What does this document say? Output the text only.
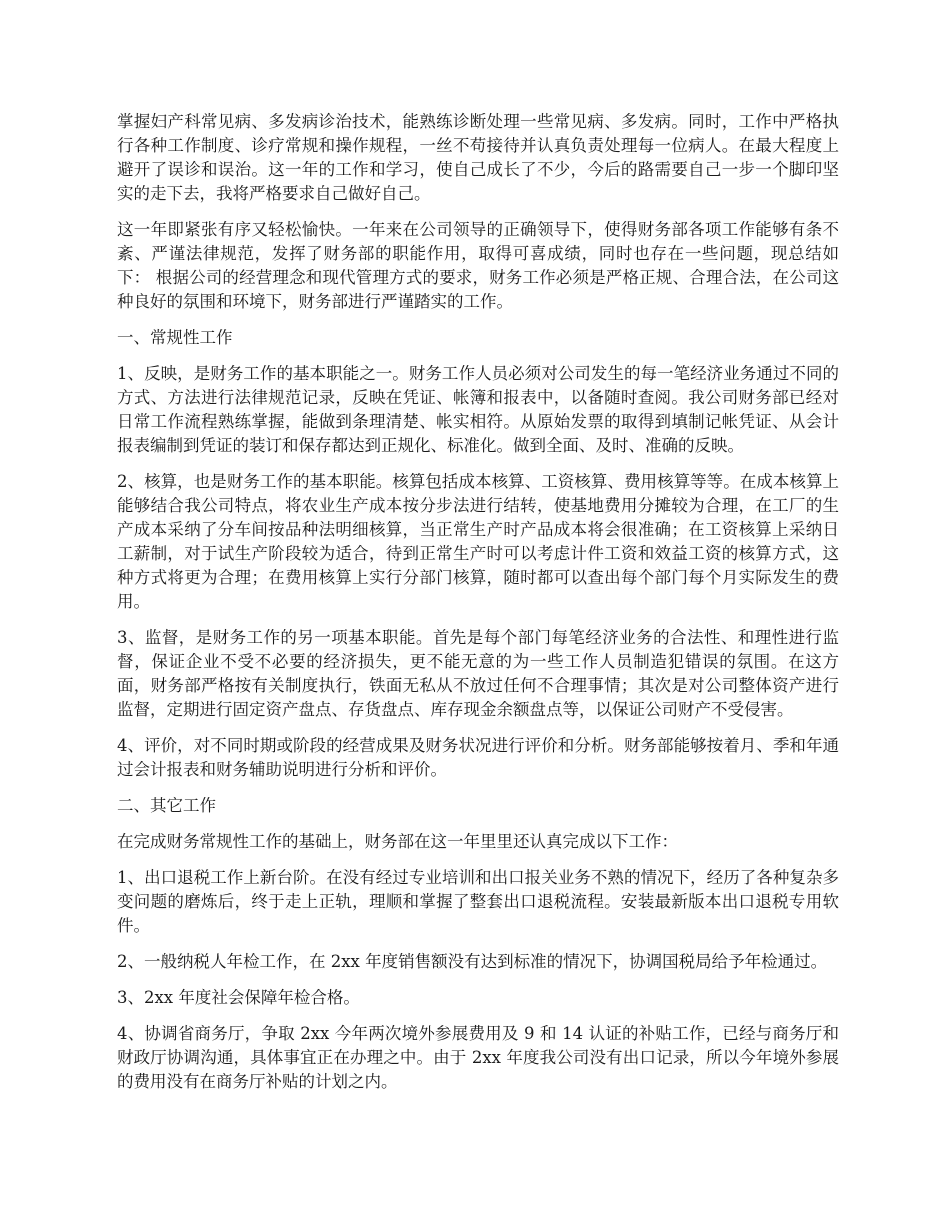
掌握妇产科常见病、多发病诊治技术，能熟练诊断处理一些常见病、多发病。同时，工作中严格执行各种工作制度、诊疗常规和操作规程，一丝不苟接待并认真负责处理每一位病人。在最大程度上避开了误诊和误治。这一年的工作和学习，使自己成长了不少，今后的路需要自己一步一个脚印坚实的走下去，我将严格要求自己做好自己。

这一年即紧张有序又轻松愉快。一年来在公司领导的正确领导下，使得财务部各项工作能够有条不紊、严谨法律规范，发挥了财务部的职能作用，取得可喜成绩，同时也存在一些问题，现总结如下： 根据公司的经营理念和现代管理方式的要求，财务工作必须是严格正规、合理合法，在公司这种良好的氛围和环境下，财务部进行严谨踏实的工作。

一、常规性工作

1、反映，是财务工作的基本职能之一。财务工作人员必须对公司发生的每一笔经济业务通过不同的方式、方法进行法律规范记录，反映在凭证、帐簿和报表中，以备随时查阅。我公司财务部已经对日常工作流程熟练掌握，能做到条理清楚、帐实相符。从原始发票的取得到填制记帐凭证、从会计报表编制到凭证的装订和保存都达到正规化、标准化。做到全面、及时、准确的反映。

2、核算，也是财务工作的基本职能。核算包括成本核算、工资核算、费用核算等等。在成本核算上能够结合我公司特点，将农业生产成本按分步法进行结转，使基地费用分摊较为合理，在工厂的生产成本采纳了分车间按品种法明细核算，当正常生产时产品成本将会很准确；在工资核算上采纳日工薪制，对于试生产阶段较为适合，待到正常生产时可以考虑计件工资和效益工资的核算方式，这种方式将更为合理；在费用核算上实行分部门核算，随时都可以查出每个部门每个月实际发生的费用。

3、监督，是财务工作的另一项基本职能。首先是每个部门每笔经济业务的合法性、和理性进行监督，保证企业不受不必要的经济损失，更不能无意的为一些工作人员制造犯错误的氛围。在这方面，财务部严格按有关制度执行，铁面无私从不放过任何不合理事情；其次是对公司整体资产进行监督，定期进行固定资产盘点、存货盘点、库存现金余额盘点等，以保证公司财产不受侵害。

4、评价，对不同时期或阶段的经营成果及财务状况进行评价和分析。财务部能够按着月、季和年通过会计报表和财务辅助说明进行分析和评价。

二、其它工作

在完成财务常规性工作的基础上，财务部在这一年里里还认真完成以下工作：

1、出口退税工作上新台阶。在没有经过专业培训和出口报关业务不熟的情况下，经历了各种复杂多变问题的磨炼后，终于走上正轨，理顺和掌握了整套出口退税流程。安装最新版本出口退税专用软件。

2、一般纳税人年检工作，在 2xx 年度销售额没有达到标准的情况下，协调国税局给予年检通过。

3、2xx 年度社会保障年检合格。

4、协调省商务厅，争取 2xx 今年两次境外参展费用及 9 和 14 认证的补贴工作，已经与商务厅和财政厅协调沟通，具体事宜正在办理之中。由于 2xx 年度我公司没有出口记录，所以今年境外参展的费用没有在商务厅补贴的计划之内。
